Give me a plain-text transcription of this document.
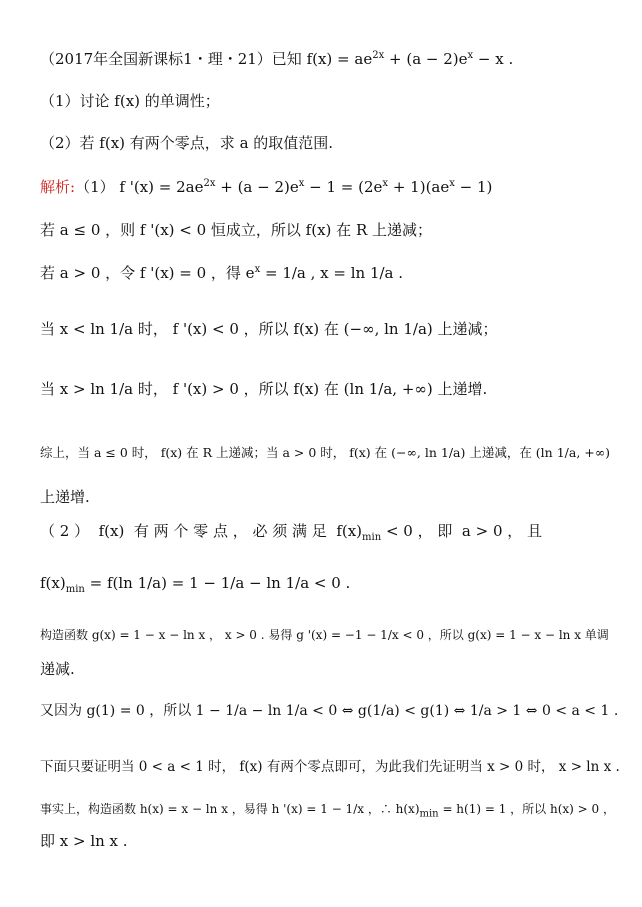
（2017年全国新课标1・理・21）已知 $f(x) = ae^{2x} + (a - 2)e^x - x$ .
（1）讨论 f(x) 的单调性；
（2）若 f(x) 有两个零点，求 a 的取值范围.
解析:（1） f '$(x) = 2ae^{2x} + (a - 2)e^x - 1 = (2e^x + 1)(ae^x - 1)$
若 a ≤ 0 ，则 f '(x) < 0 恒成立，所以 f(x) 在 R 上递减；
若 a > 0 ，令 f '(x) = 0 ，得 $e^x = 1/a$ , x = ln 1/a .
当 x < ln 1/a 时， f '(x) < 0 ，所以 f(x) 在 (−∞, ln 1/a) 上递减；
当 x > ln 1/a 时， f '(x) > 0 ，所以 f(x) 在 (ln 1/a, +∞) 上递增.
综上，当 a ≤ 0 时， f(x) 在 R 上递减；当 a > 0 时， f(x) 在 (−∞, ln 1/a) 上递减，在 (ln 1/a, +∞)
上递增.
（ 2 ）  f(x)  有 两 个 零 点 ， 必 须 满 足  $f(x)_{min} < 0$ ， 即  a > 0 ， 且
$f(x)_{min} = f(\ln$ 1/a) = 1 − 1/a − ln 1/a < 0 .
构造函数 g(x) = 1 − x − ln x ， x > 0 . 易得 g '(x) = −1 − 1/x < 0 ，所以 g(x) = 1 − x − ln x 单调
递减.
又因为 g(1) = 0 ，所以 1 − 1/a − ln 1/a < 0 ⇔ g(1/a) < g(1) ⇔ 1/a > 1 ⇔ 0 < a < 1 .
下面只要证明当 0 < a < 1 时， f(x) 有两个零点即可，为此我们先证明当 x > 0 时， x > ln x .
事实上，构造函数 h(x) = x − ln x ，易得 h '(x) = 1 − 1/x ，∴ $h(x)_{min} = h(1) = 1$ ，所以 h(x) > 0 ，
即 x > ln x .
